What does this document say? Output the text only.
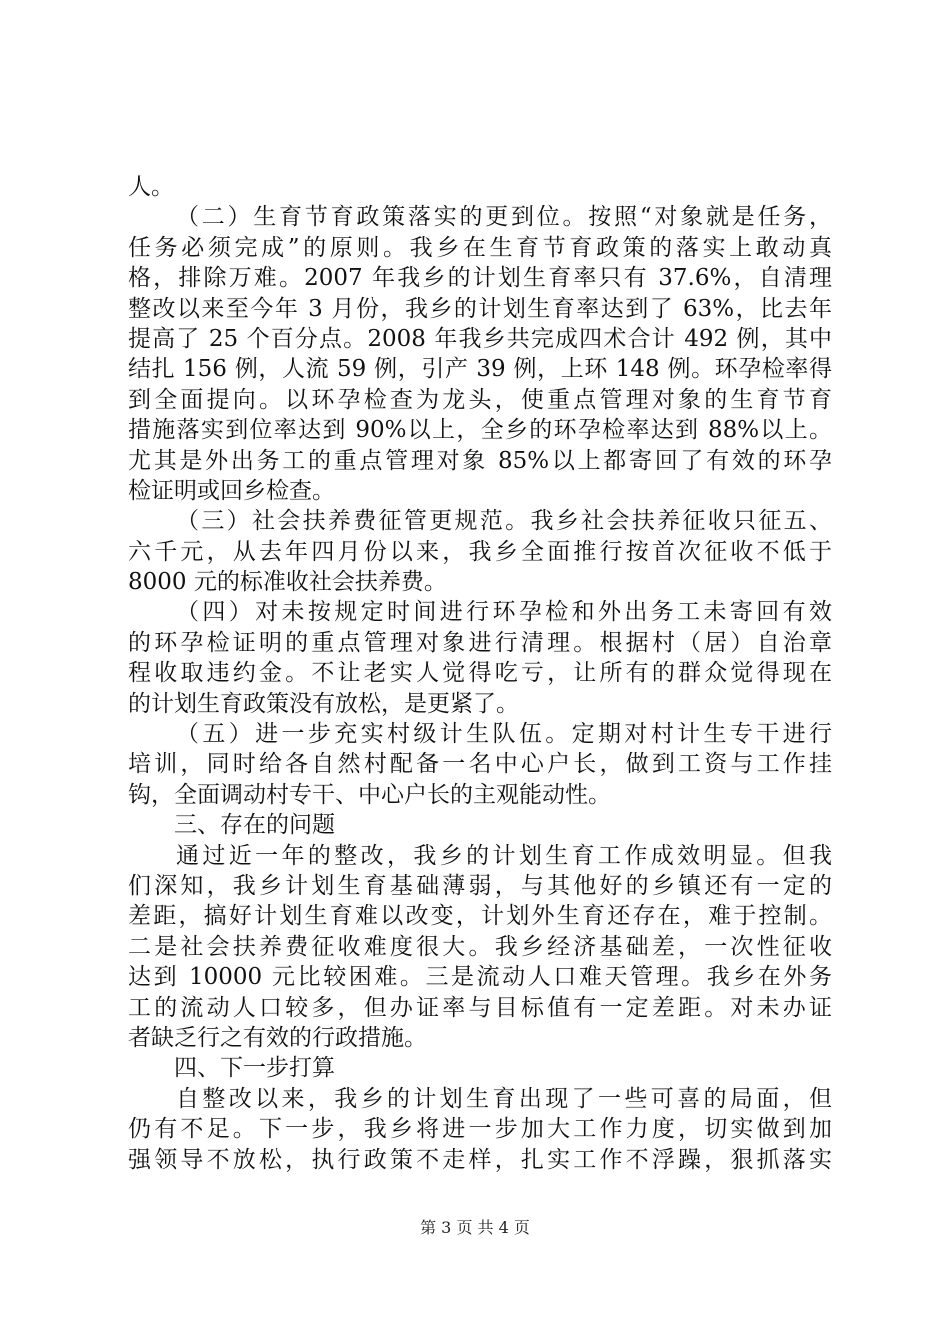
人。
（二）生育节育政策落实的更到位。按照“对象就是任务，
任务必须完成”的原则。我乡在生育节育政策的落实上敢动真
格，排除万难。2007 年我乡的计划生育率只有 37.6%，自清理
整改以来至今年 3 月份，我乡的计划生育率达到了 63%，比去年
提高了 25 个百分点。2008 年我乡共完成四术合计 492 例，其中
结扎 156 例，人流 59 例，引产 39 例，上环 148 例。环孕检率得
到全面提向。以环孕检查为龙头，使重点管理对象的生育节育
措施落实到位率达到 90%以上，全乡的环孕检率达到 88%以上。
尤其是外出务工的重点管理对象 85%以上都寄回了有效的环孕
检证明或回乡检查。
（三）社会扶养费征管更规范。我乡社会扶养征收只征五、
六千元，从去年四月份以来，我乡全面推行按首次征收不低于
8000 元的标准收社会扶养费。
（四）对未按规定时间进行环孕检和外出务工未寄回有效
的环孕检证明的重点管理对象进行清理。根据村（居）自治章
程收取违约金。不让老实人觉得吃亏，让所有的群众觉得现在
的计划生育政策没有放松，是更紧了。
（五）进一步充实村级计生队伍。定期对村计生专干进行
培训，同时给各自然村配备一名中心户长，做到工资与工作挂
钩，全面调动村专干、中心户长的主观能动性。
三、存在的问题
通过近一年的整改，我乡的计划生育工作成效明显。但我
们深知，我乡计划生育基础薄弱，与其他好的乡镇还有一定的
差距，搞好计划生育难以改变，计划外生育还存在，难于控制。
二是社会扶养费征收难度很大。我乡经济基础差，一次性征收
达到 10000 元比较困难。三是流动人口难天管理。我乡在外务
工的流动人口较多，但办证率与目标值有一定差距。对未办证
者缺乏行之有效的行政措施。
四、下一步打算
自整改以来，我乡的计划生育出现了一些可喜的局面，但
仍有不足。下一步，我乡将进一步加大工作力度，切实做到加
强领导不放松，执行政策不走样，扎实工作不浮躁，狠抓落实
第 3 页 共 4 页
